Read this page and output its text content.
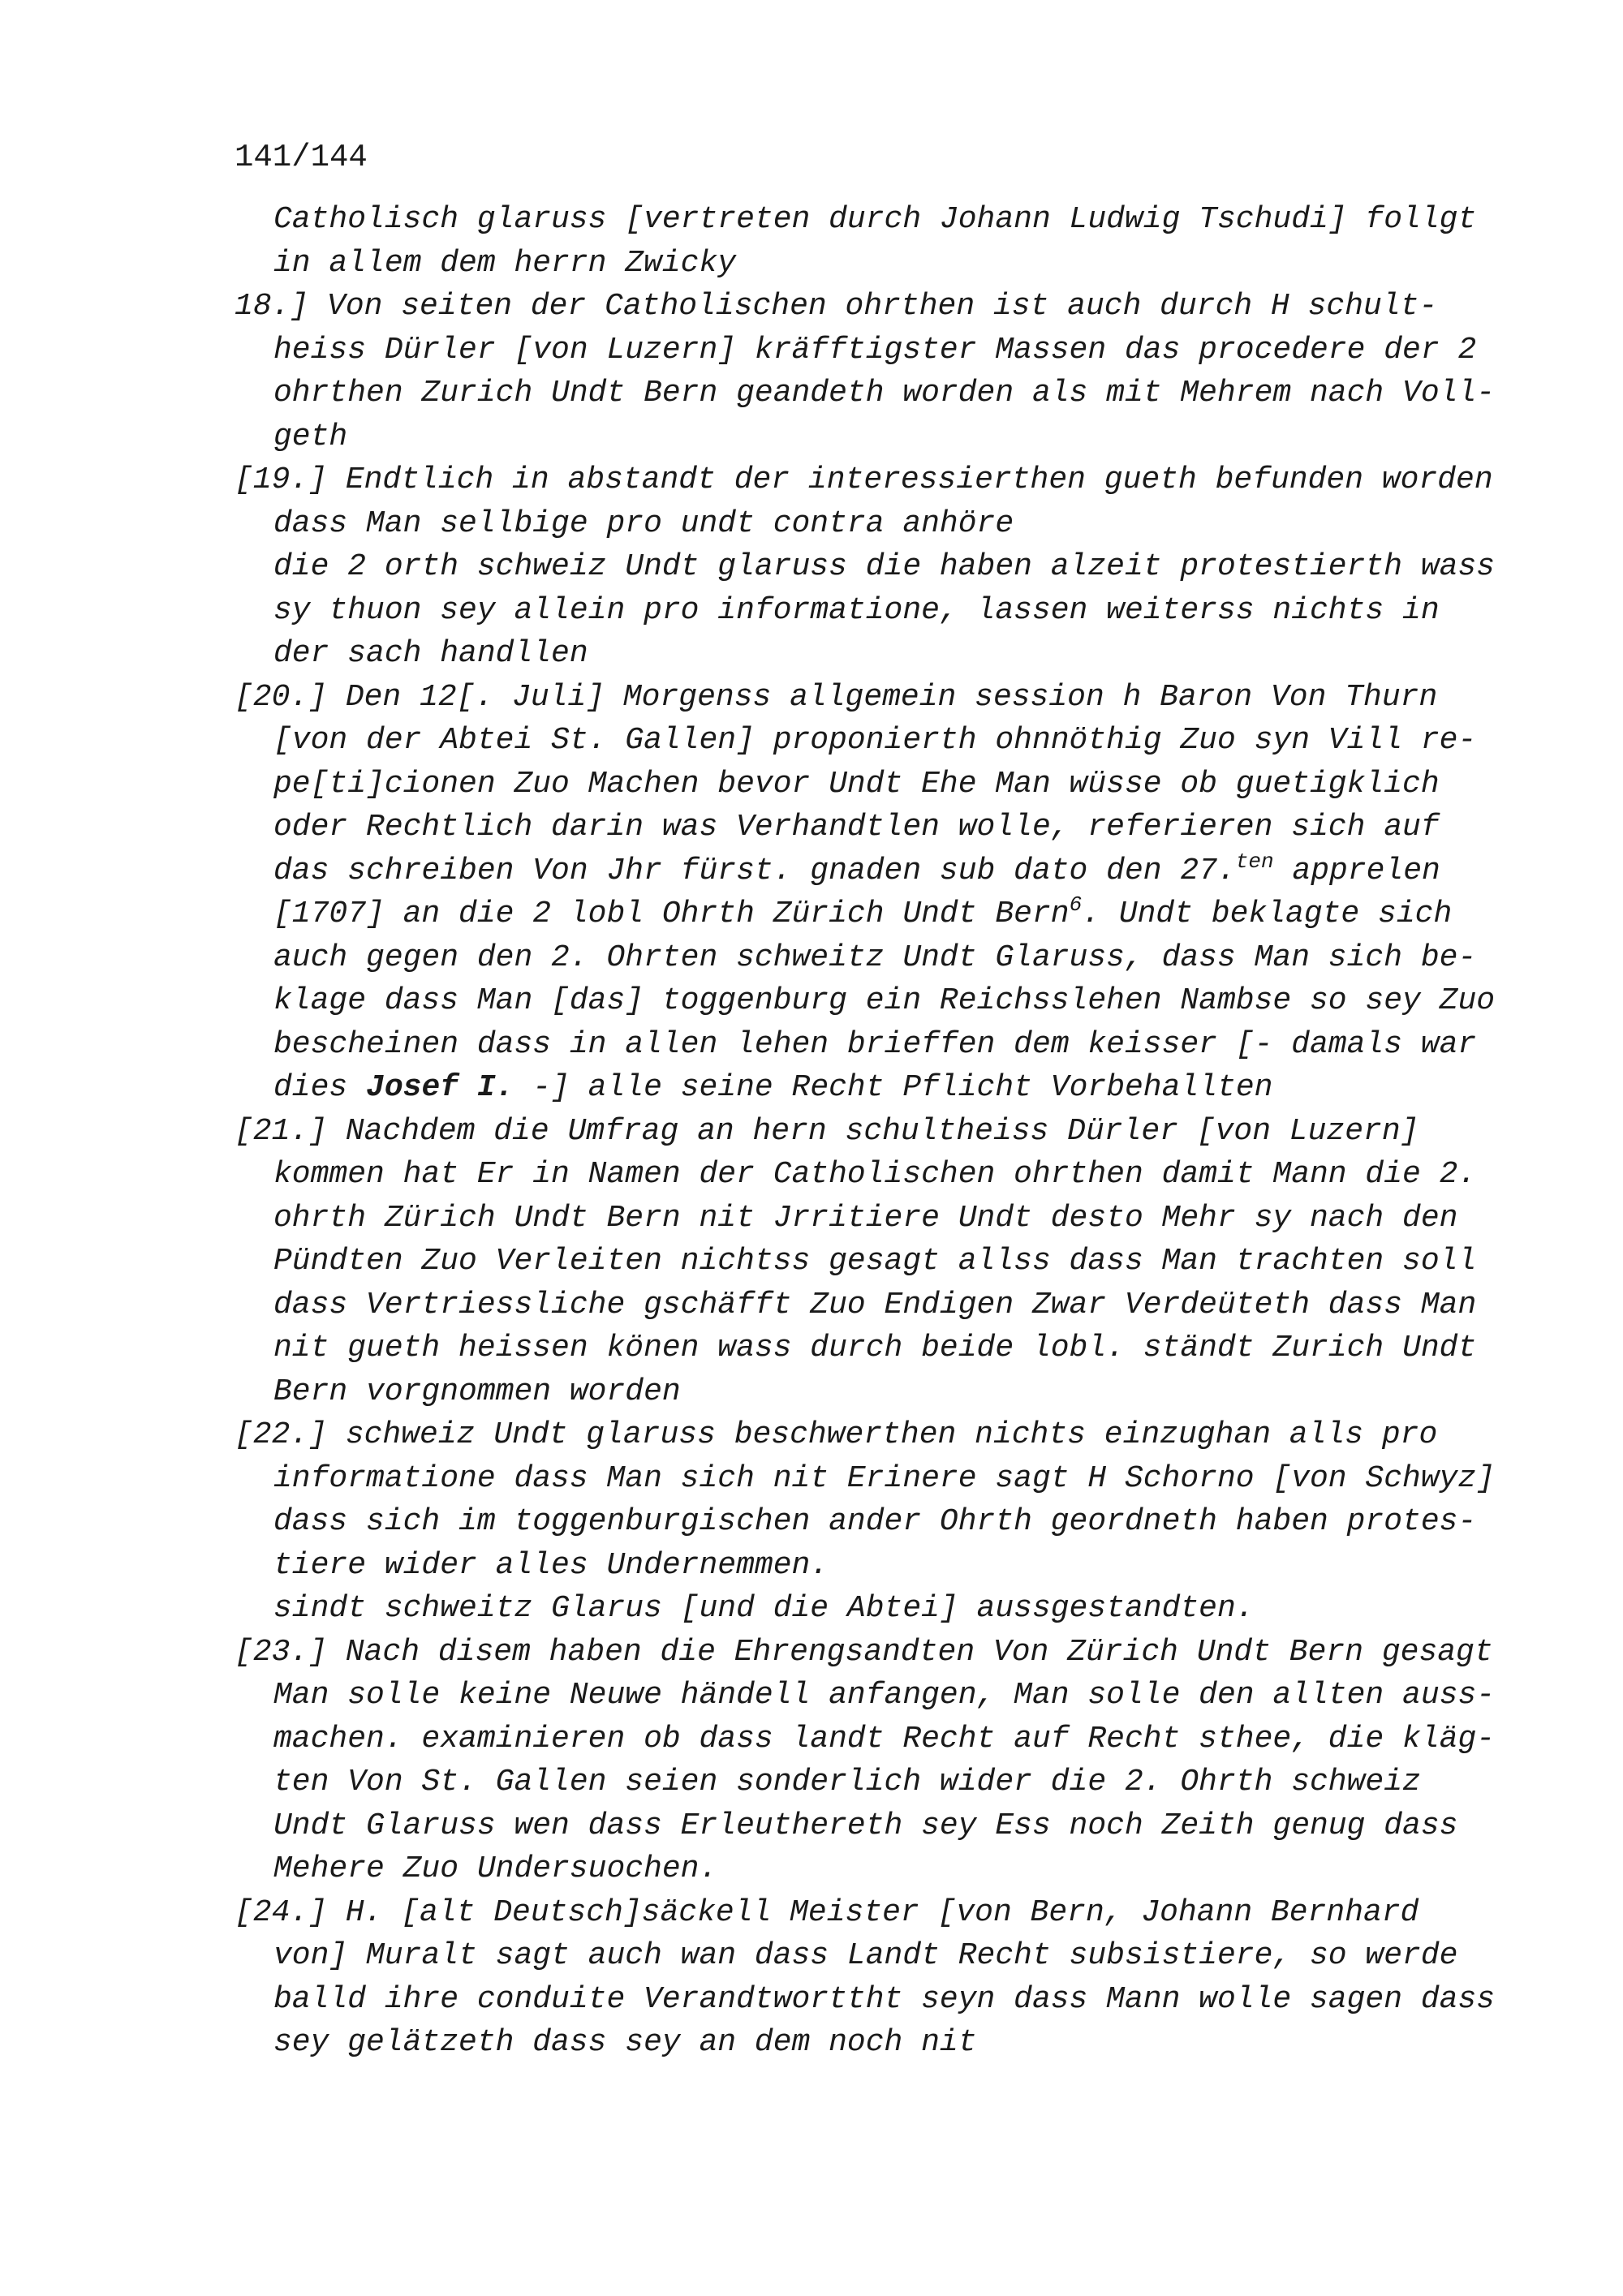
141/144
Catholisch glaruss [vertreten durch Johann Ludwig Tschudi] follgt
in allem dem herrn Zwicky
18.] Von seiten der Catholischen ohrthen ist auch durch H schult-
heiss Dürler [von Luzern] kräfftigster Massen das procedere der 2
ohrthen Zurich Undt Bern geandeth worden als mit Mehrem nach Voll-
geth
[19.] Endtlich in abstandt der interessierthen gueth befunden worden
dass Man sellbige pro undt contra anhöre
die 2 orth schweiz Undt glaruss die haben alzeit protestierth wass
sy thuon sey allein pro informatione, lassen weiterss nichts in
der sach handllen
[20.] Den 12[. Juli] Morgenss allgemein session h Baron Von Thurn
[von der Abtei St. Gallen] proponierth ohnnöthig Zuo syn Vill re-
pe[ti]cionen Zuo Machen bevor Undt Ehe Man wüsse ob guetigklich
oder Rechtlich darin was Verhandtlen wolle, referieren sich auf
das schreiben Von Jhr fürst. gnaden sub dato den 27.$^{ten}$ apprelen
[1707] an die 2 lobl Ohrth Zürich Undt Bern$^6$. Undt beklagte sich
auch gegen den 2. Ohrten schweitz Undt Glaruss, dass Man sich be-
klage dass Man [das] toggenburg ein Reichsslehen Nambse so sey Zuo
bescheinen dass in allen lehen brieffen dem keisser [- damals war
dies Josef I. -] alle seine Recht Pflicht Vorbehallten
[21.] Nachdem die Umfrag an hern schultheiss Dürler [von Luzern]
kommen hat Er in Namen der Catholischen ohrthen damit Mann die 2.
ohrth Zürich Undt Bern nit Jrritiere Undt desto Mehr sy nach den
Pündten Zuo Verleiten nichtss gesagt allss dass Man trachten soll
dass Vertriessliche gschäfft Zuo Endigen Zwar Verdeüteth dass Man
nit gueth heissen könen wass durch beide lobl. ständt Zurich Undt
Bern vorgnommen worden
[22.] schweiz Undt glaruss beschwerthen nichts einzughan alls pro
informatione dass Man sich nit Erinere sagt H Schorno [von Schwyz]
dass sich im toggenburgischen ander Ohrth geordneth haben protes-
tiere wider alles Undernemmen.
sindt schweitz Glarus [und die Abtei] aussgestandten.
[23.] Nach disem haben die Ehrengsandten Von Zürich Undt Bern gesagt
Man solle keine Neuwe händell anfangen, Man solle den allten auss-
machen. examinieren ob dass landt Recht auf Recht sthee, die kläg-
ten Von St. Gallen seien sonderlich wider die 2. Ohrth schweiz
Undt Glaruss wen dass Erleuthereth sey Ess noch Zeith genug dass
Mehere Zuo Undersuochen.
[24.] H. [alt Deutsch]säckell Meister [von Bern, Johann Bernhard
von] Muralt sagt auch wan dass Landt Recht subsistiere, so werde
balld ihre conduite Verandtworttht seyn dass Mann wolle sagen dass
sey gelätzeth dass sey an dem noch nit
